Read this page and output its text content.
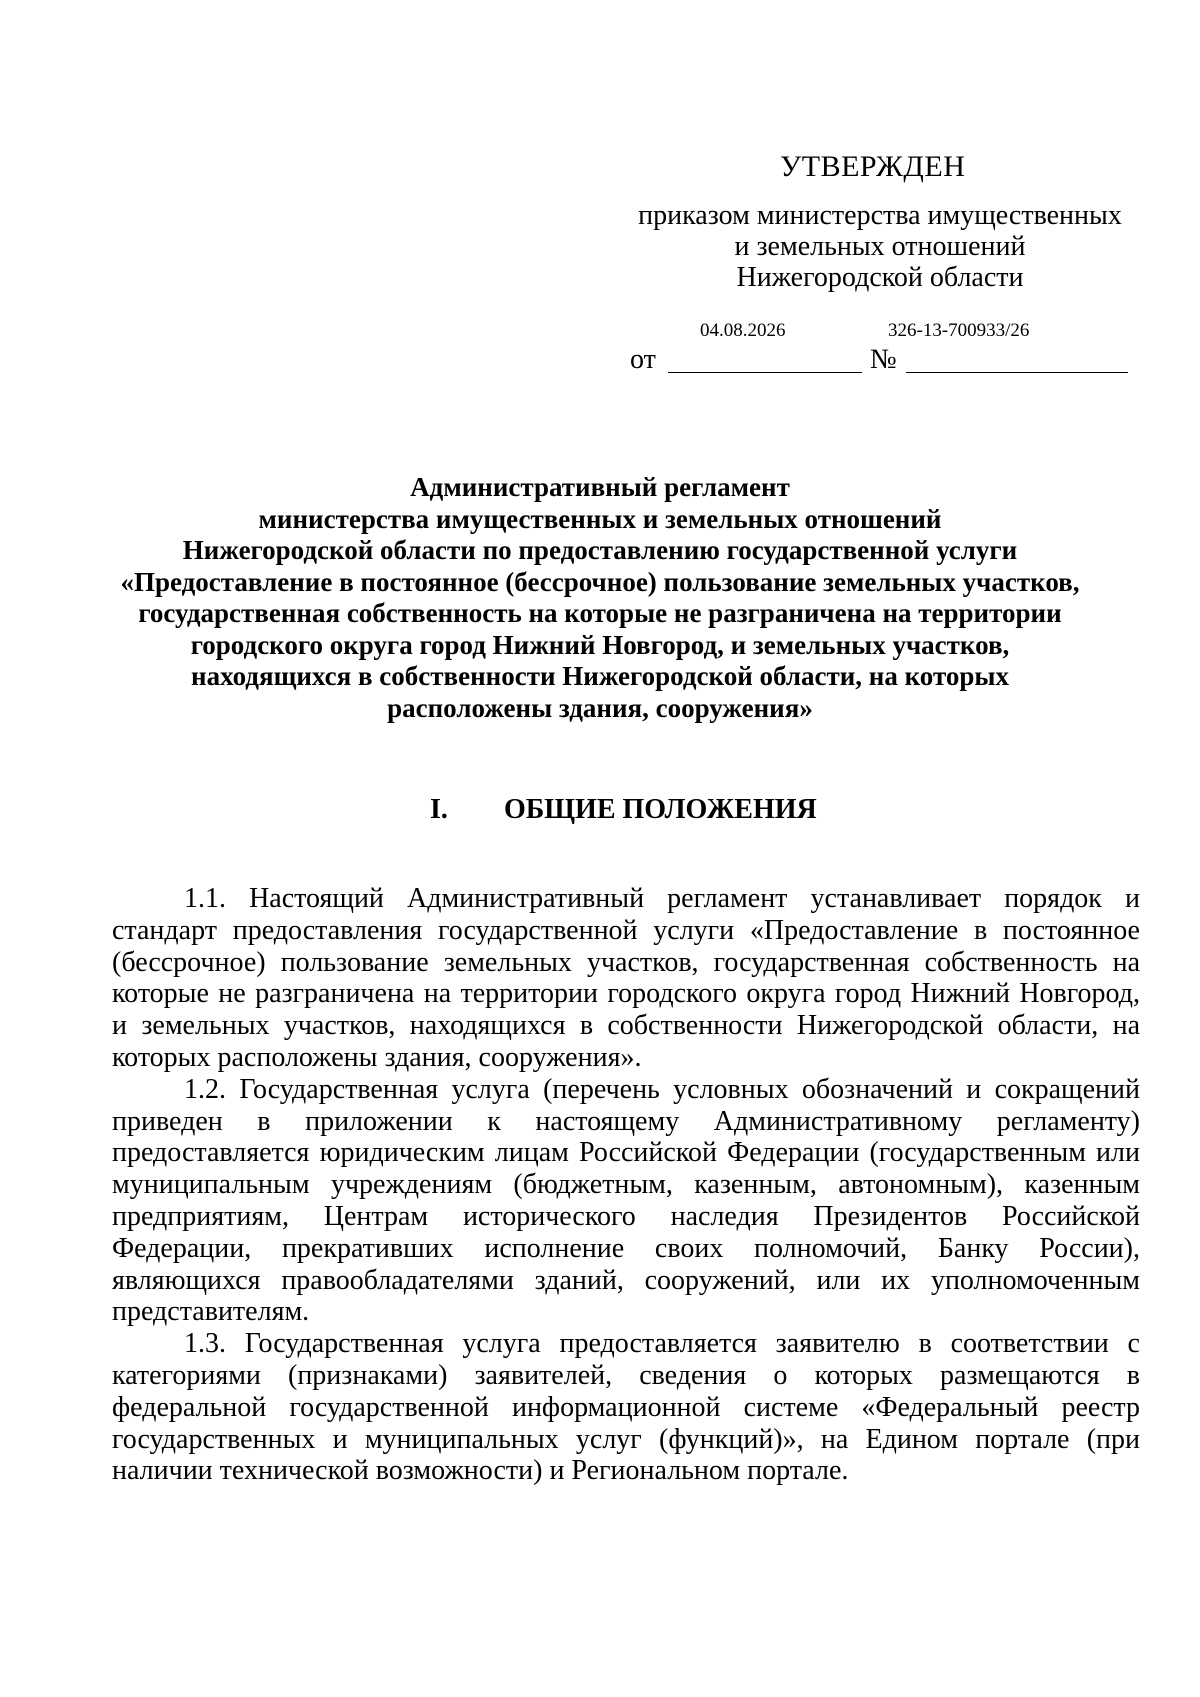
УТВЕРЖДЕН
приказом министерства имущественных
и земельных отношений
Нижегородской области
04.08.2026	326-13-700933/26
от	№
Административный регламент
министерства имущественных и земельных отношений
Нижегородской области по предоставлению государственной услуги
«Предоставление в постоянное (бессрочное) пользование земельных участков,
государственная собственность на которые не разграничена на территории
городского округа город Нижний Новгород, и земельных участков,
находящихся в собственности Нижегородской области, на которых
расположены здания, сооружения»
I. ОБЩИЕ ПОЛОЖЕНИЯ

1.1. Настоящий Административный регламент устанавливает порядок и стандарт предоставления государственной услуги «Предоставление в постоянное (бессрочное) пользование земельных участков, государственная собственность на которые не разграничена на территории городского округа город Нижний Новгород, и земельных участков, находящихся в собственности Нижегородской области, на которых расположены здания, сооружения».

1.2. Государственная услуга (перечень условных обозначений и сокращений приведен в приложении к настоящему Административному регламенту) предоставляется юридическим лицам Российской Федерации (государственным или муниципальным учреждениям (бюджетным, казенным, автономным), казенным предприятиям, Центрам исторического наследия Президентов Российской Федерации, прекративших исполнение своих полномочий, Банку России), являющихся правообладателями зданий, сооружений, или их уполномоченным представителям.

1.3. Государственная услуга предоставляется заявителю в соответствии с категориями (признаками) заявителей, сведения о которых размещаются в федеральной государственной информационной системе «Федеральный реестр государственных и муниципальных услуг (функций)», на Едином портале (при наличии технической возможности) и Региональном портале.
